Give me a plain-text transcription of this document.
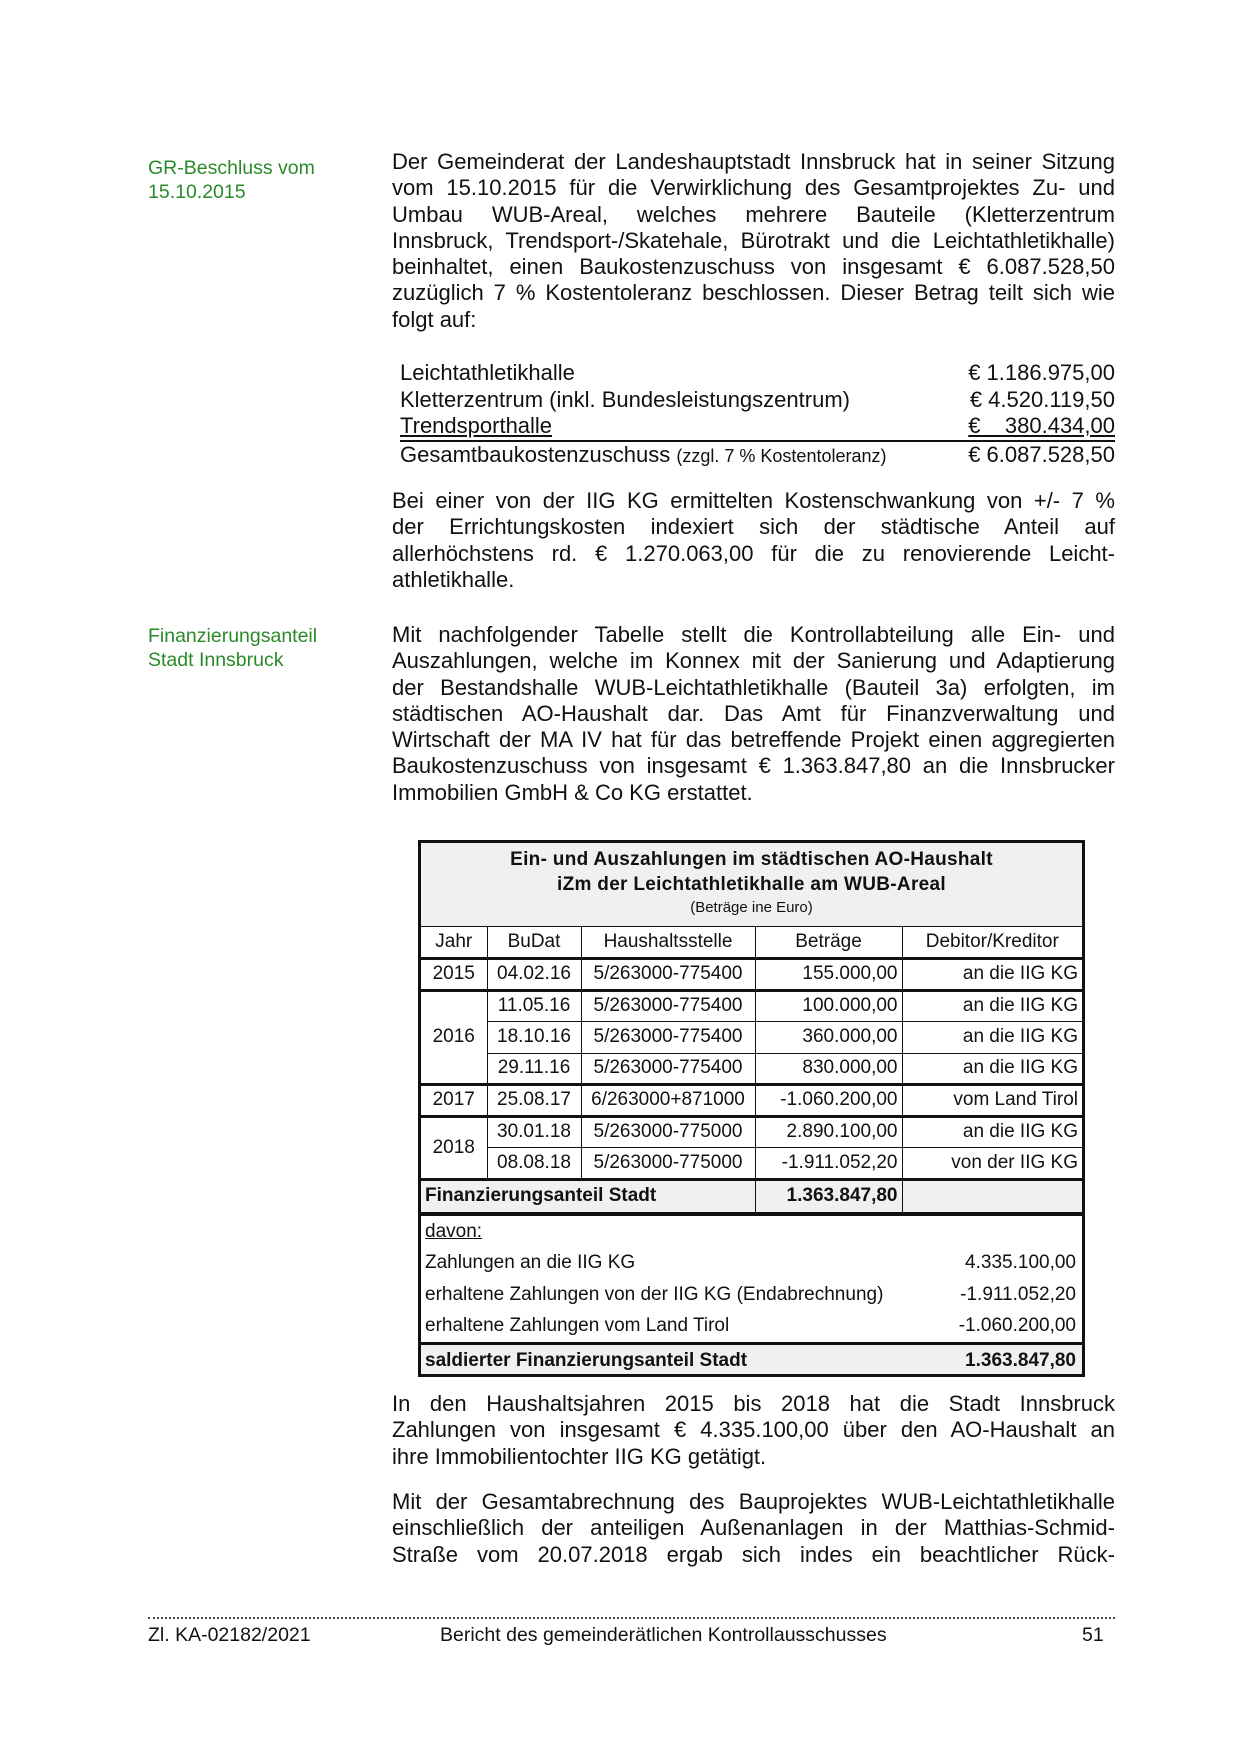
GR-Beschluss vom
15.10.2015
Finanzierungsanteil
Stadt Innsbruck
Der Gemeinderat der Landeshauptstadt Innsbruck hat in seiner Sitzung
vom 15.10.2015 für die Verwirklichung des Gesamtprojektes Zu- und
Umbau WUB-Areal, welches mehrere Bauteile (Kletterzentrum
Innsbruck, Trendsport-/Skatehale, Bürotrakt und die Leichtathletikhalle)
beinhaltet, einen Baukostenzuschuss von insgesamt € 6.087.528,50
zuzüglich 7 % Kostentoleranz beschlossen. Dieser Betrag teilt sich wie
folgt auf:
Leichtathletikhalle	€ 1.186.975,00
Kletterzentrum (inkl. Bundesleistungszentrum)	€ 4.520.119,50
Trendsporthalle	€    380.434,00
Gesamtbaukostenzuschuss (zzgl. 7 % Kostentoleranz)	€ 6.087.528,50
Bei einer von der IIG KG ermittelten Kostenschwankung von +/- 7 %
der Errichtungskosten indexiert sich der städtische Anteil auf
allerhöchstens rd. € 1.270.063,00 für die zu renovierende Leicht-
athletikhalle.
Mit nachfolgender Tabelle stellt die Kontrollabteilung alle Ein- und
Auszahlungen, welche im Konnex mit der Sanierung und Adaptierung
der Bestandshalle WUB-Leichtathletikhalle (Bauteil 3a) erfolgten, im
städtischen AO-Haushalt dar. Das Amt für Finanzverwaltung und
Wirtschaft der MA IV hat für das betreffende Projekt einen aggregierten
Baukostenzuschuss von insgesamt € 1.363.847,80 an die Innsbrucker
Immobilien GmbH & Co KG erstattet.
Ein- und Auszahlungen im städtischen AO-Haushalt
iZm der Leichtathletikhalle am WUB-Areal
(Beträge ine Euro)
Jahr	BuDat	Haushaltsstelle	Beträge	Debitor/Kreditor
2015	04.02.16	5/263000-775400	155.000,00	an die IIG KG
2016	11.05.16	5/263000-775400	100.000,00	an die IIG KG
	18.10.16	5/263000-775400	360.000,00	an die IIG KG
	29.11.16	5/263000-775400	830.000,00	an die IIG KG
2017	25.08.17	6/263000+871000	-1.060.200,00	vom Land Tirol
2018	30.01.18	5/263000-775000	2.890.100,00	an die IIG KG
	08.08.18	5/263000-775000	-1.911.052,20	von der IIG KG
Finanzierungsanteil Stadt			1.363.847,80	
davon:
Zahlungen an die IIG KG	4.335.100,00
erhaltene Zahlungen von der IIG KG (Endabrechnung)	-1.911.052,20
erhaltene Zahlungen vom Land Tirol	-1.060.200,00
saldierter Finanzierungsanteil Stadt	1.363.847,80
In den Haushaltsjahren 2015 bis 2018 hat die Stadt Innsbruck
Zahlungen von insgesamt € 4.335.100,00 über den AO-Haushalt an
ihre Immobilientochter IIG KG getätigt.
Mit der Gesamtabrechnung des Bauprojektes WUB-Leichtathletikhalle
einschließlich der anteiligen Außenanlagen in der Matthias-Schmid-
Straße vom 20.07.2018 ergab sich indes ein beachtlicher Rück-
Zl. KA-02182/2021	Bericht des gemeinderätlichen Kontrollausschusses	51
